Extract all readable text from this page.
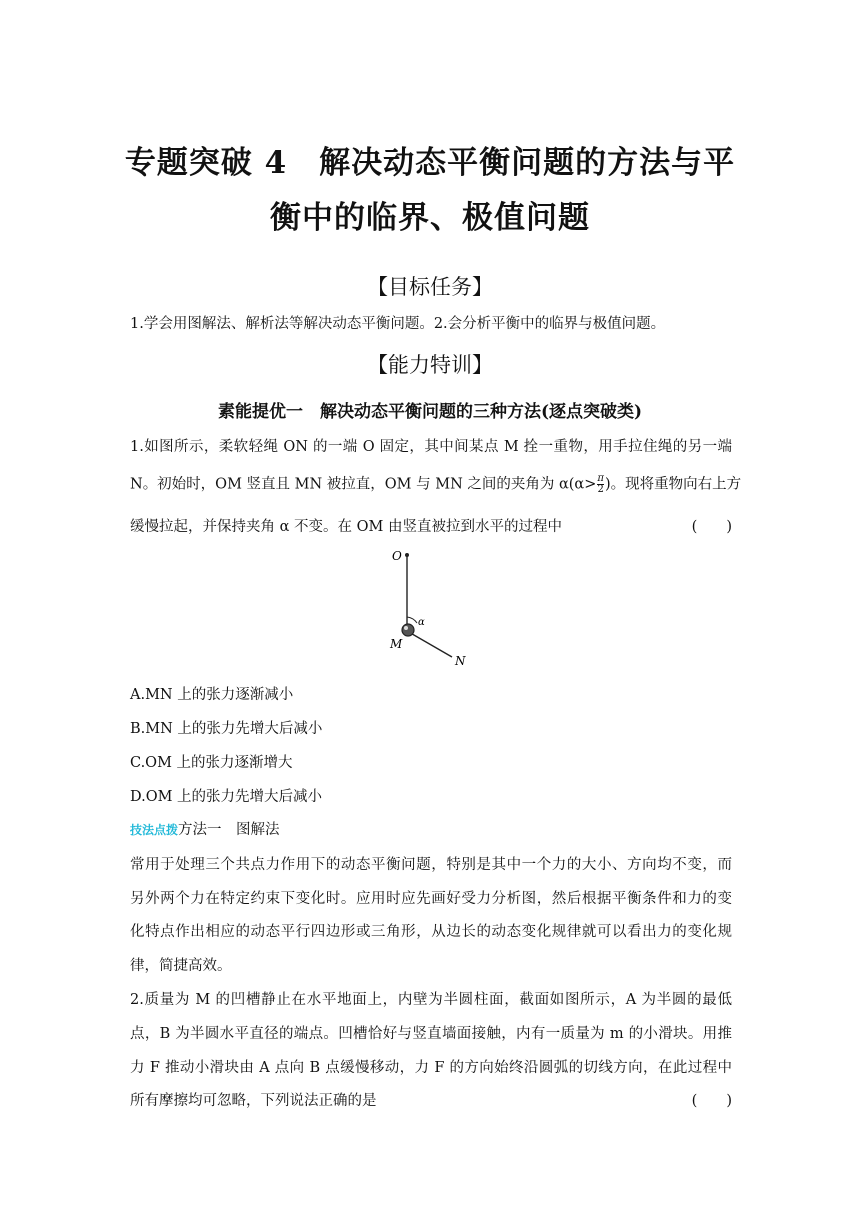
专题突破 4　解决动态平衡问题的方法与平
衡中的临界、极值问题
【目标任务】
1.学会用图解法、解析法等解决动态平衡问题。2.会分析平衡中的临界与极值问题。
【能力特训】
素能提优一　解决动态平衡问题的三种方法(逐点突破类)
1.如图所示，柔软轻绳 ON 的一端 O 固定，其中间某点 M 拴一重物，用手拉住绳的另一端
N。初始时，OM 竖直且 MN 被拉直，OM 与 MN 之间的夹角为 $\alpha(\alpha> \frac{\pi}{2}$ )。现将重物向右上方
缓慢拉起，并保持夹角 α 不变。在 OM 由竖直被拉到水平的过程中	(　　)
O
α
M
N
A.MN 上的张力逐渐减小
B.MN 上的张力先增大后减小
C.OM 上的张力逐渐增大
D.OM 上的张力先增大后减小
技法点拨方法一　图解法
常用于处理三个共点力作用下的动态平衡问题，特别是其中一个力的大小、方向均不变，而
另外两个力在特定约束下变化时。应用时应先画好受力分析图，然后根据平衡条件和力的变
化特点作出相应的动态平行四边形或三角形，从边长的动态变化规律就可以看出力的变化规
律，简捷高效。
2.质量为 M 的凹槽静止在水平地面上，内壁为半圆柱面，截面如图所示，A 为半圆的最低
点，B 为半圆水平直径的端点。凹槽恰好与竖直墙面接触，内有一质量为 m 的小滑块。用推
力 F 推动小滑块由 A 点向 B 点缓慢移动，力 F 的方向始终沿圆弧的切线方向，在此过程中
所有摩擦均可忽略，下列说法正确的是	(　　)
